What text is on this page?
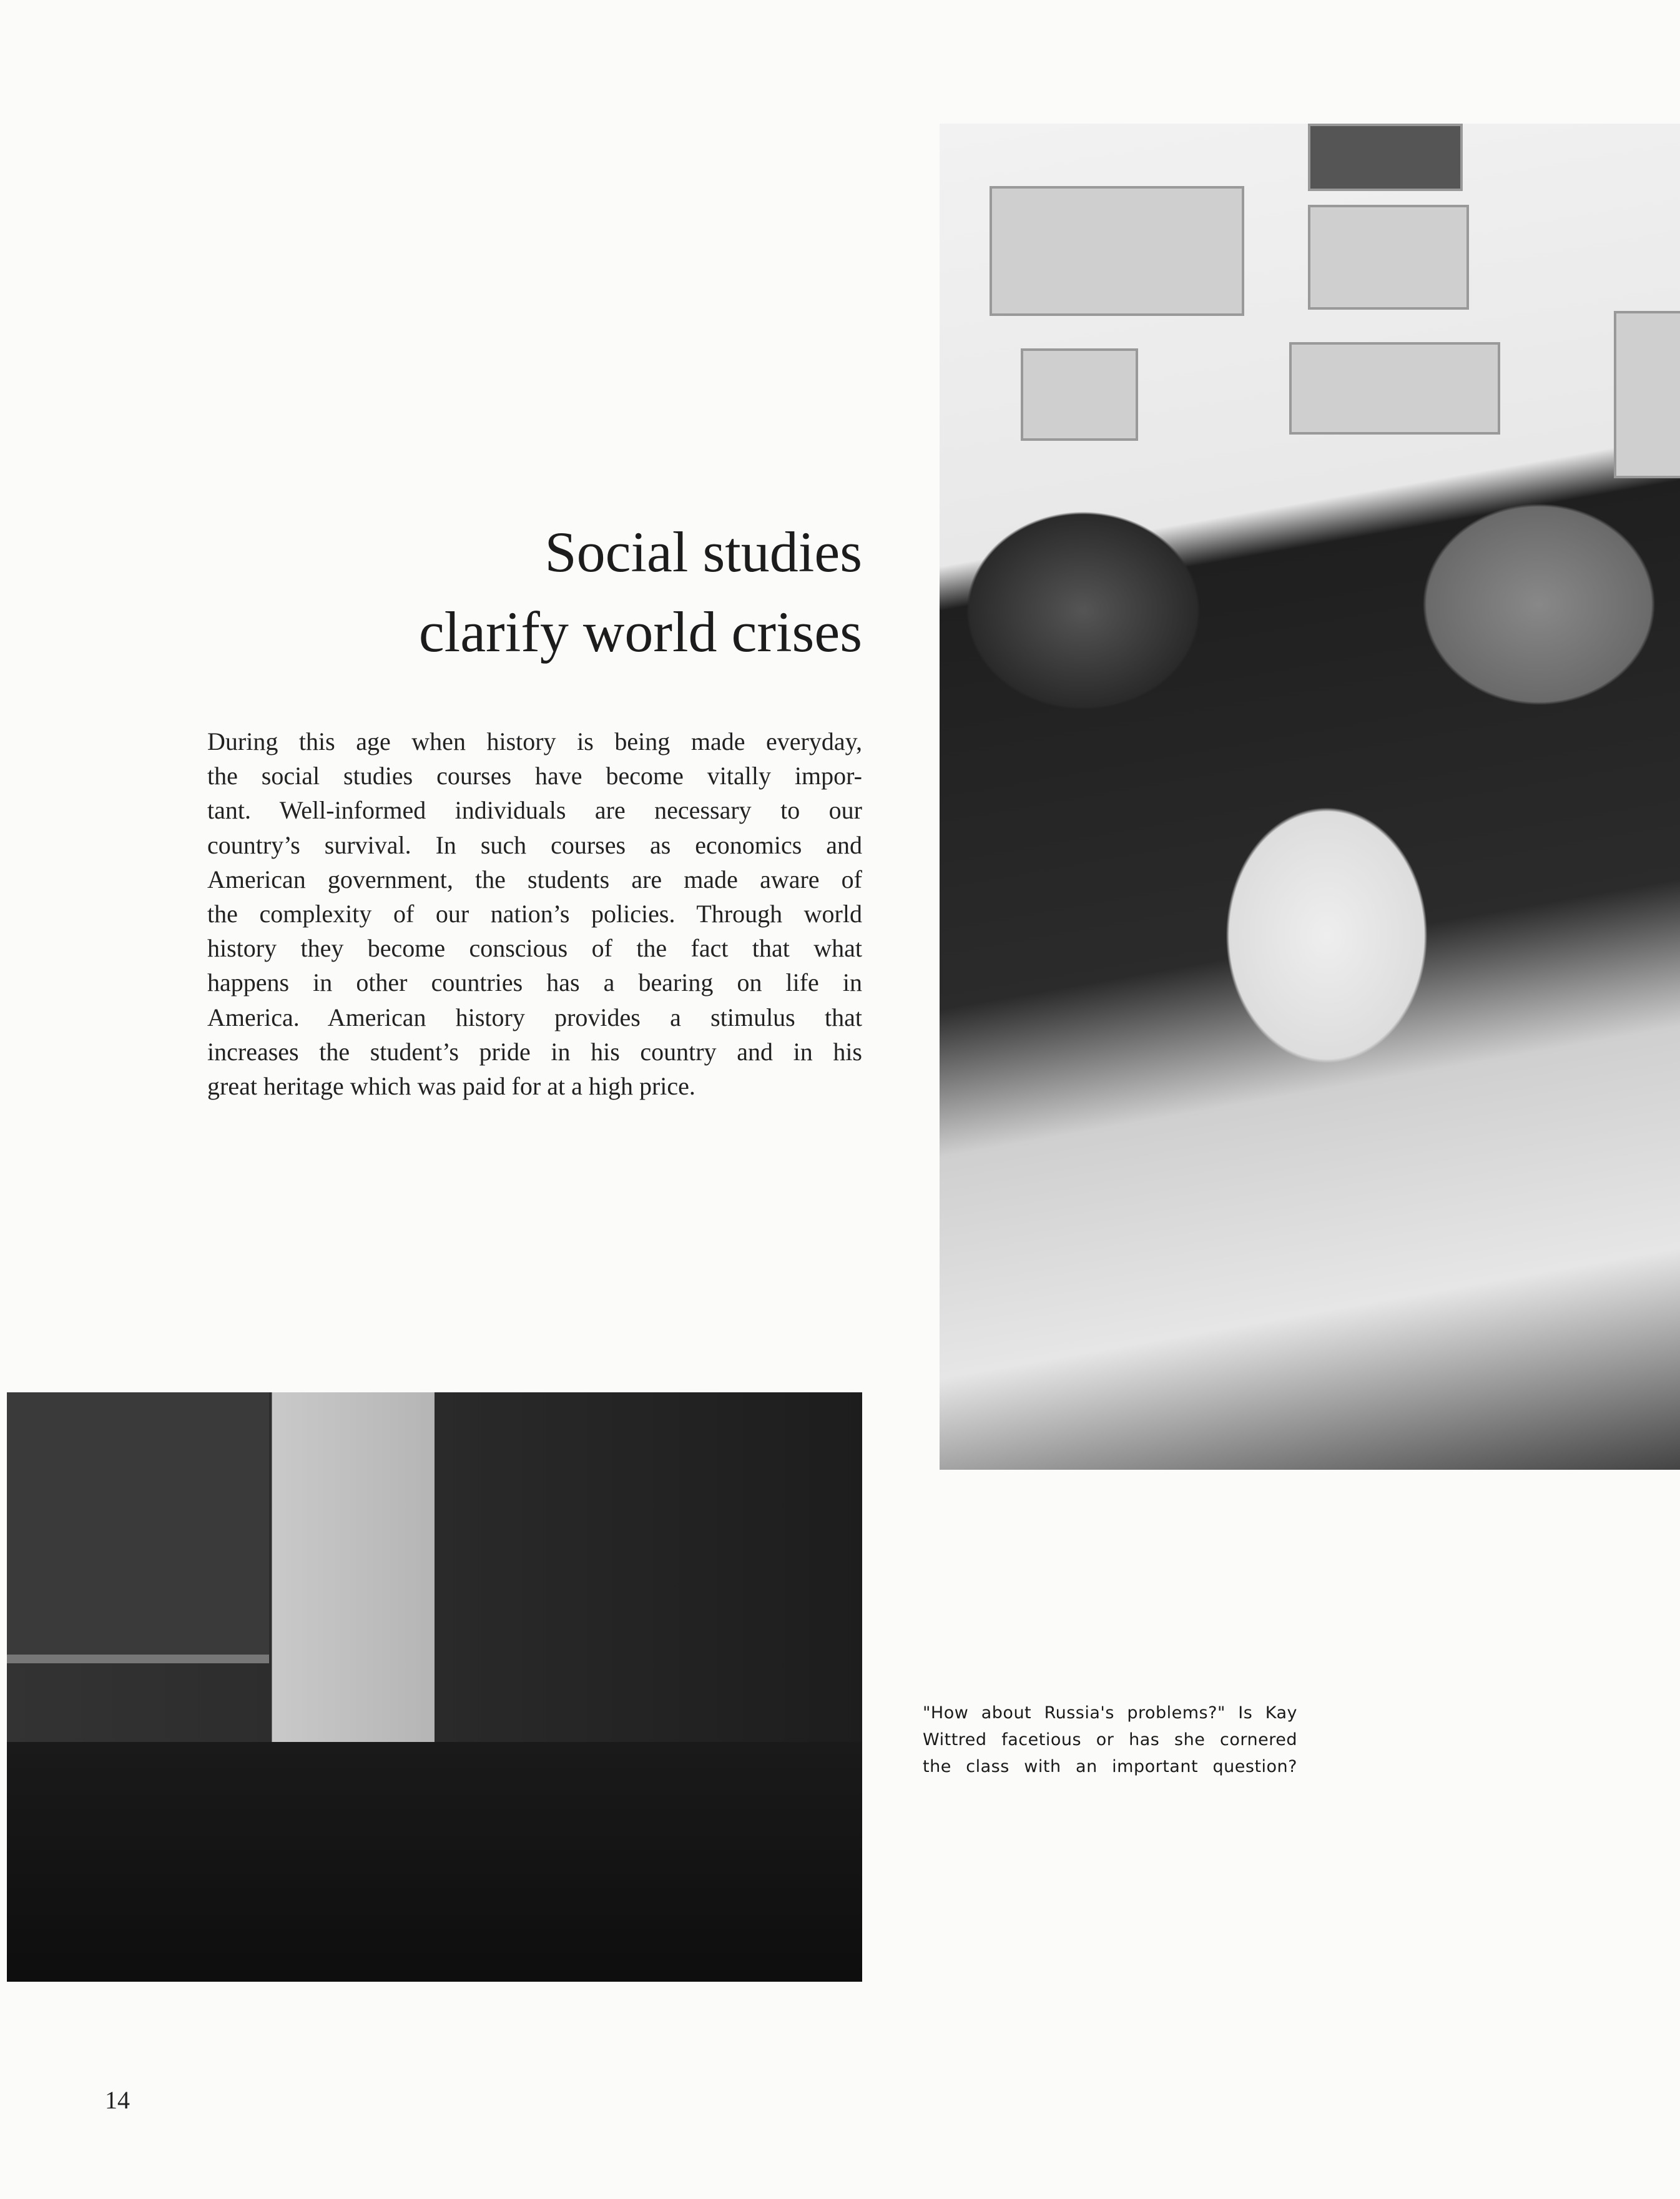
Social studies
clarify world crises
During this age when history is being made everyday,
the social studies courses have become vitally impor-
tant. Well-informed individuals are necessary to our
country’s survival. In such courses as economics and
American government, the students are made aware of
the complexity of our nation’s policies. Through world
history they become conscious of the fact that what
happens in other countries has a bearing on life in
America. American history provides a stimulus that
increases the student’s pride in his country and in his
great heritage which was paid for at a high price.
"How about Russia's problems?" Is Kay
Wittred facetious or has she cornered
the class with an important question?
14
